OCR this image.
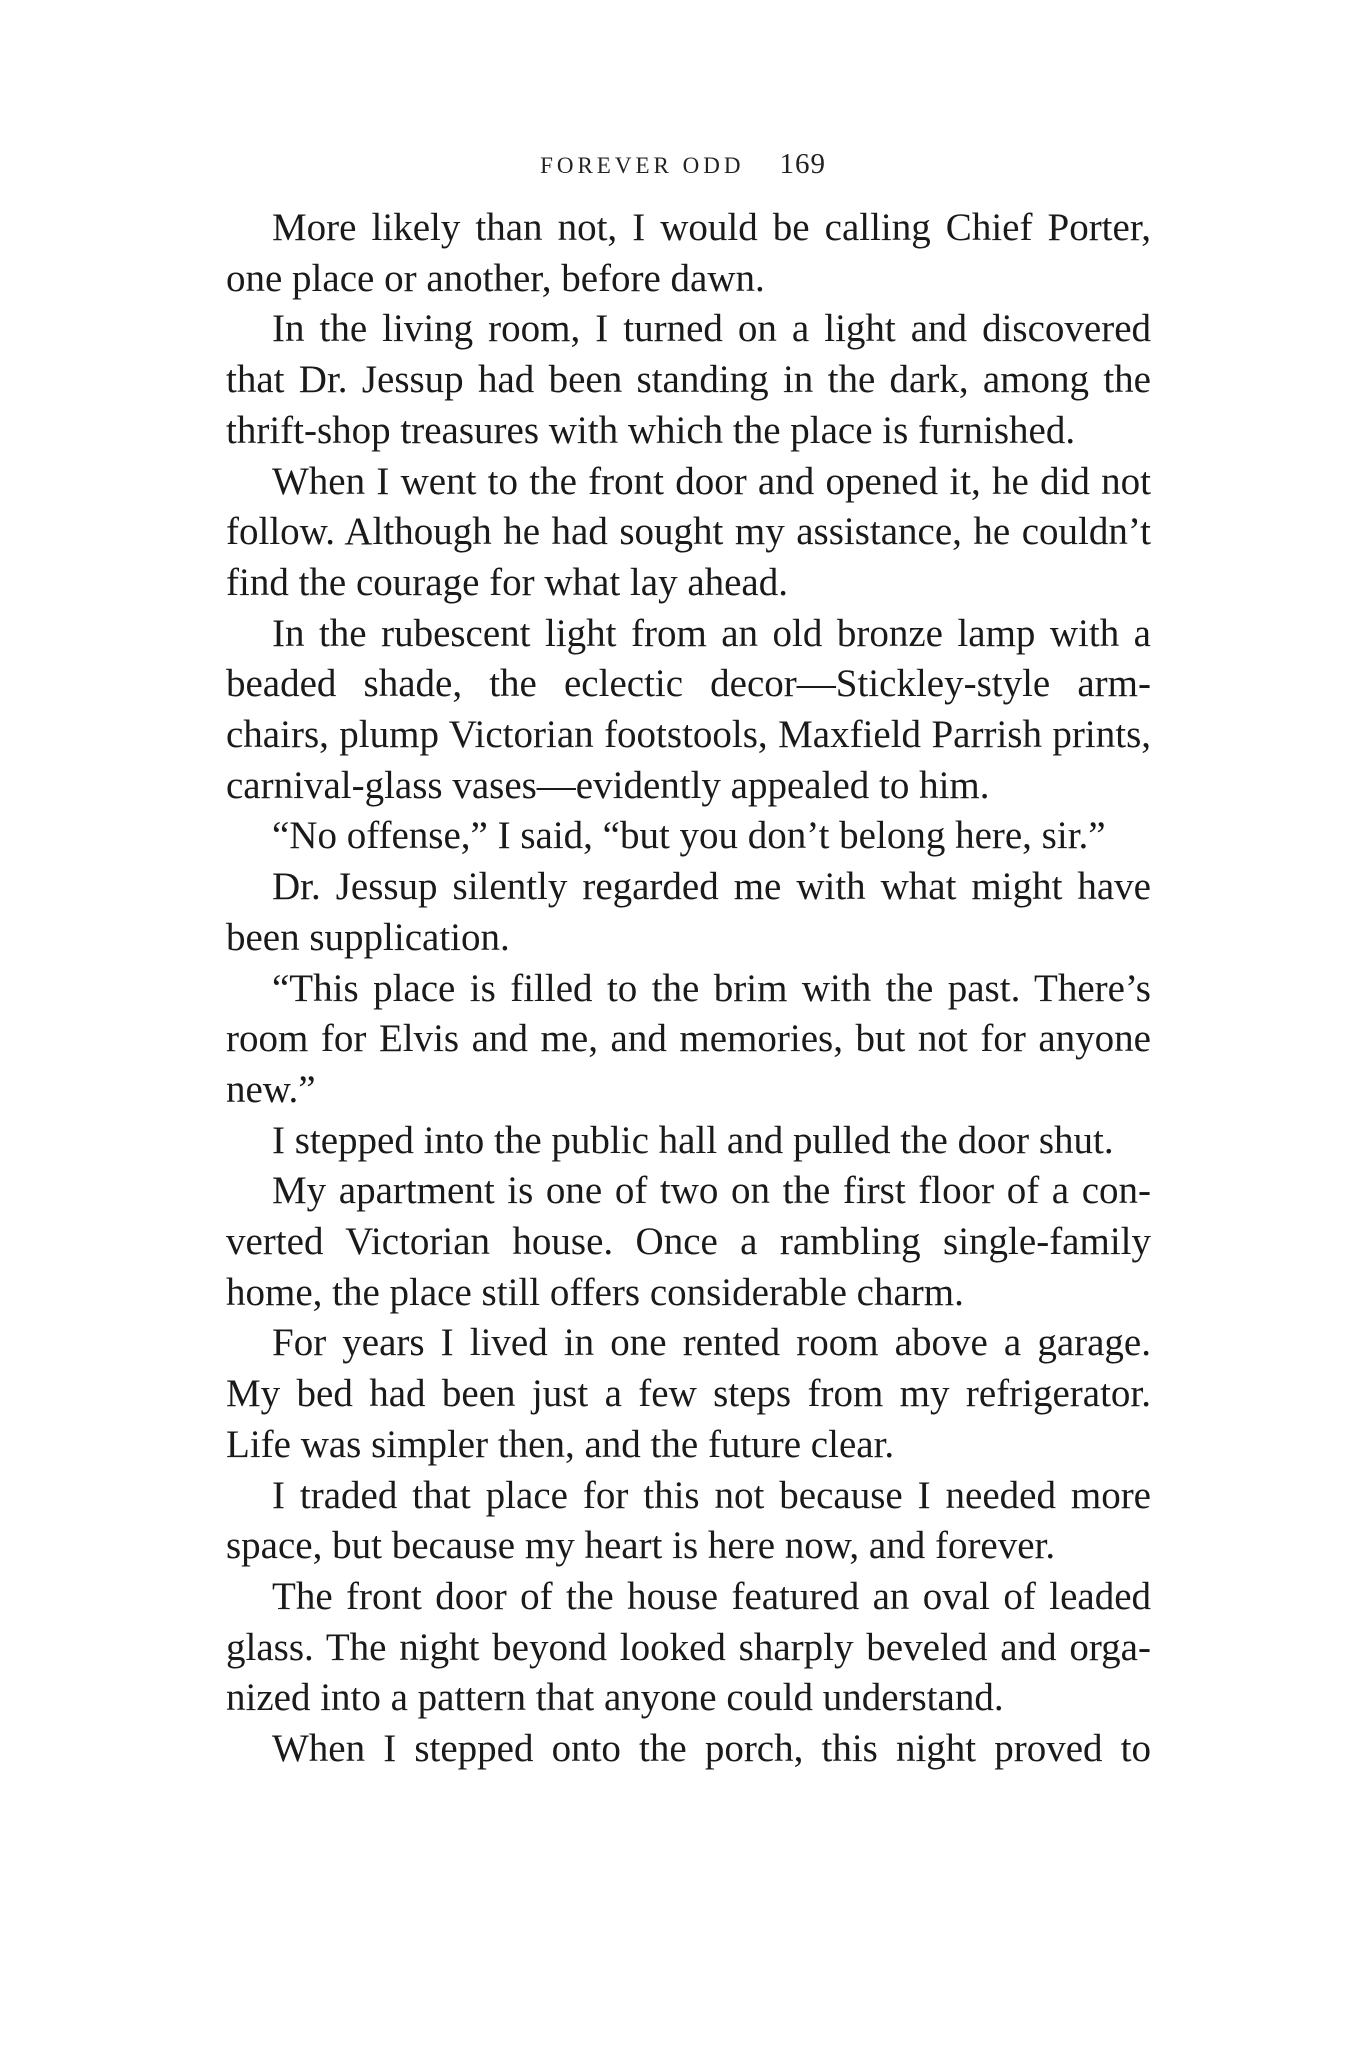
FOREVER ODD 169

More likely than not, I would be calling Chief Porter, one place or another, before dawn.

In the living room, I turned on a light and discovered that Dr. Jessup had been standing in the dark, among the thrift-shop treasures with which the place is furnished.

When I went to the front door and opened it, he did not follow. Although he had sought my assistance, he couldn’t find the courage for what lay ahead.

In the rubescent light from an old bronze lamp with a beaded shade, the eclectic decor—Stickley-style armchairs, plump Victorian footstools, Maxfield Parrish prints, carnival-glass vases—evidently appealed to him.

“No offense,” I said, “but you don’t belong here, sir.”

Dr. Jessup silently regarded me with what might have been supplication.

“This place is filled to the brim with the past. There’s room for Elvis and me, and memories, but not for anyone new.”

I stepped into the public hall and pulled the door shut.

My apartment is one of two on the first floor of a converted Victorian house. Once a rambling single-family home, the place still offers considerable charm.

For years I lived in one rented room above a garage. My bed had been just a few steps from my refrigerator. Life was simpler then, and the future clear.

I traded that place for this not because I needed more space, but because my heart is here now, and forever.

The front door of the house featured an oval of leaded glass. The night beyond looked sharply beveled and organized into a pattern that anyone could understand.

When I stepped onto the porch, this night proved to
